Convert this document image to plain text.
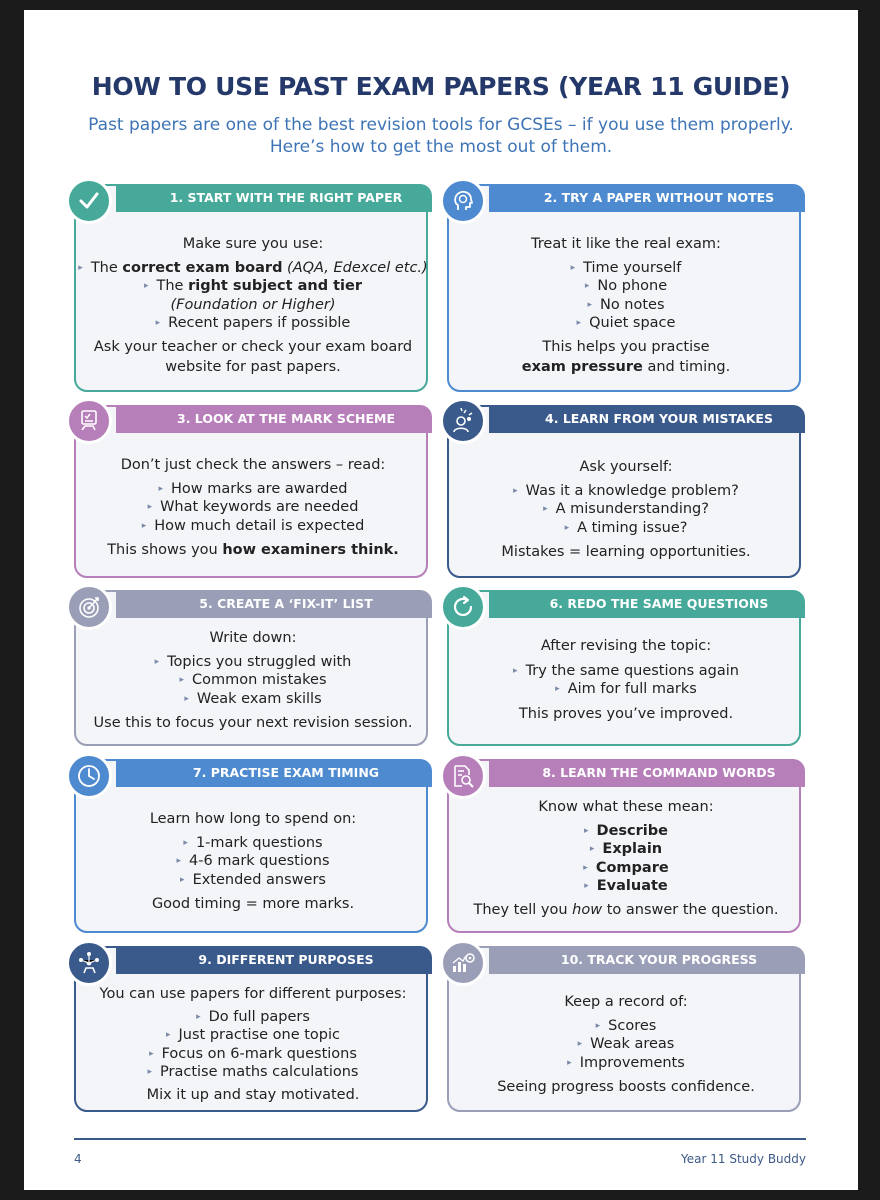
HOW TO USE PAST EXAM PAPERS (YEAR 11 GUIDE)
Past papers are one of the best revision tools for GCSEs – if you use them properly.
Here’s how to get the most out of them.
1. START WITH THE RIGHT PAPER
Make sure you use:
▸ The correct exam board (AQA, Edexcel etc.)
▸ The right subject and tier
(Foundation or Higher)
▸ Recent papers if possible
Ask your teacher or check your exam board
website for past papers.
2. TRY A PAPER WITHOUT NOTES
Treat it like the real exam:
▸ Time yourself
▸ No phone
▸ No notes
▸ Quiet space
This helps you practise
exam pressure and timing.
3. LOOK AT THE MARK SCHEME
Don’t just check the answers – read:
▸ How marks are awarded
▸ What keywords are needed
▸ How much detail is expected
This shows you how examiners think.
4. LEARN FROM YOUR MISTAKES
Ask yourself:
▸ Was it a knowledge problem?
▸ A misunderstanding?
▸ A timing issue?
Mistakes = learning opportunities.
5. CREATE A ‘FIX-IT’ LIST
Write down:
▸ Topics you struggled with
▸ Common mistakes
▸ Weak exam skills
Use this to focus your next revision session.
6. REDO THE SAME QUESTIONS
After revising the topic:
▸ Try the same questions again
▸ Aim for full marks
This proves you’ve improved.
7. PRACTISE EXAM TIMING
Learn how long to spend on:
▸ 1-mark questions
▸ 4-6 mark questions
▸ Extended answers
Good timing = more marks.
8. LEARN THE COMMAND WORDS
Know what these mean:
▸ Describe
▸ Explain
▸ Compare
▸ Evaluate
They tell you how to answer the question.
9. DIFFERENT PURPOSES
You can use papers for different purposes:
▸ Do full papers
▸ Just practise one topic
▸ Focus on 6-mark questions
▸ Practise maths calculations
Mix it up and stay motivated.
10. TRACK YOUR PROGRESS
Keep a record of:
▸ Scores
▸ Weak areas
▸ Improvements
Seeing progress boosts confidence.
4	Year 11 Study Buddy
